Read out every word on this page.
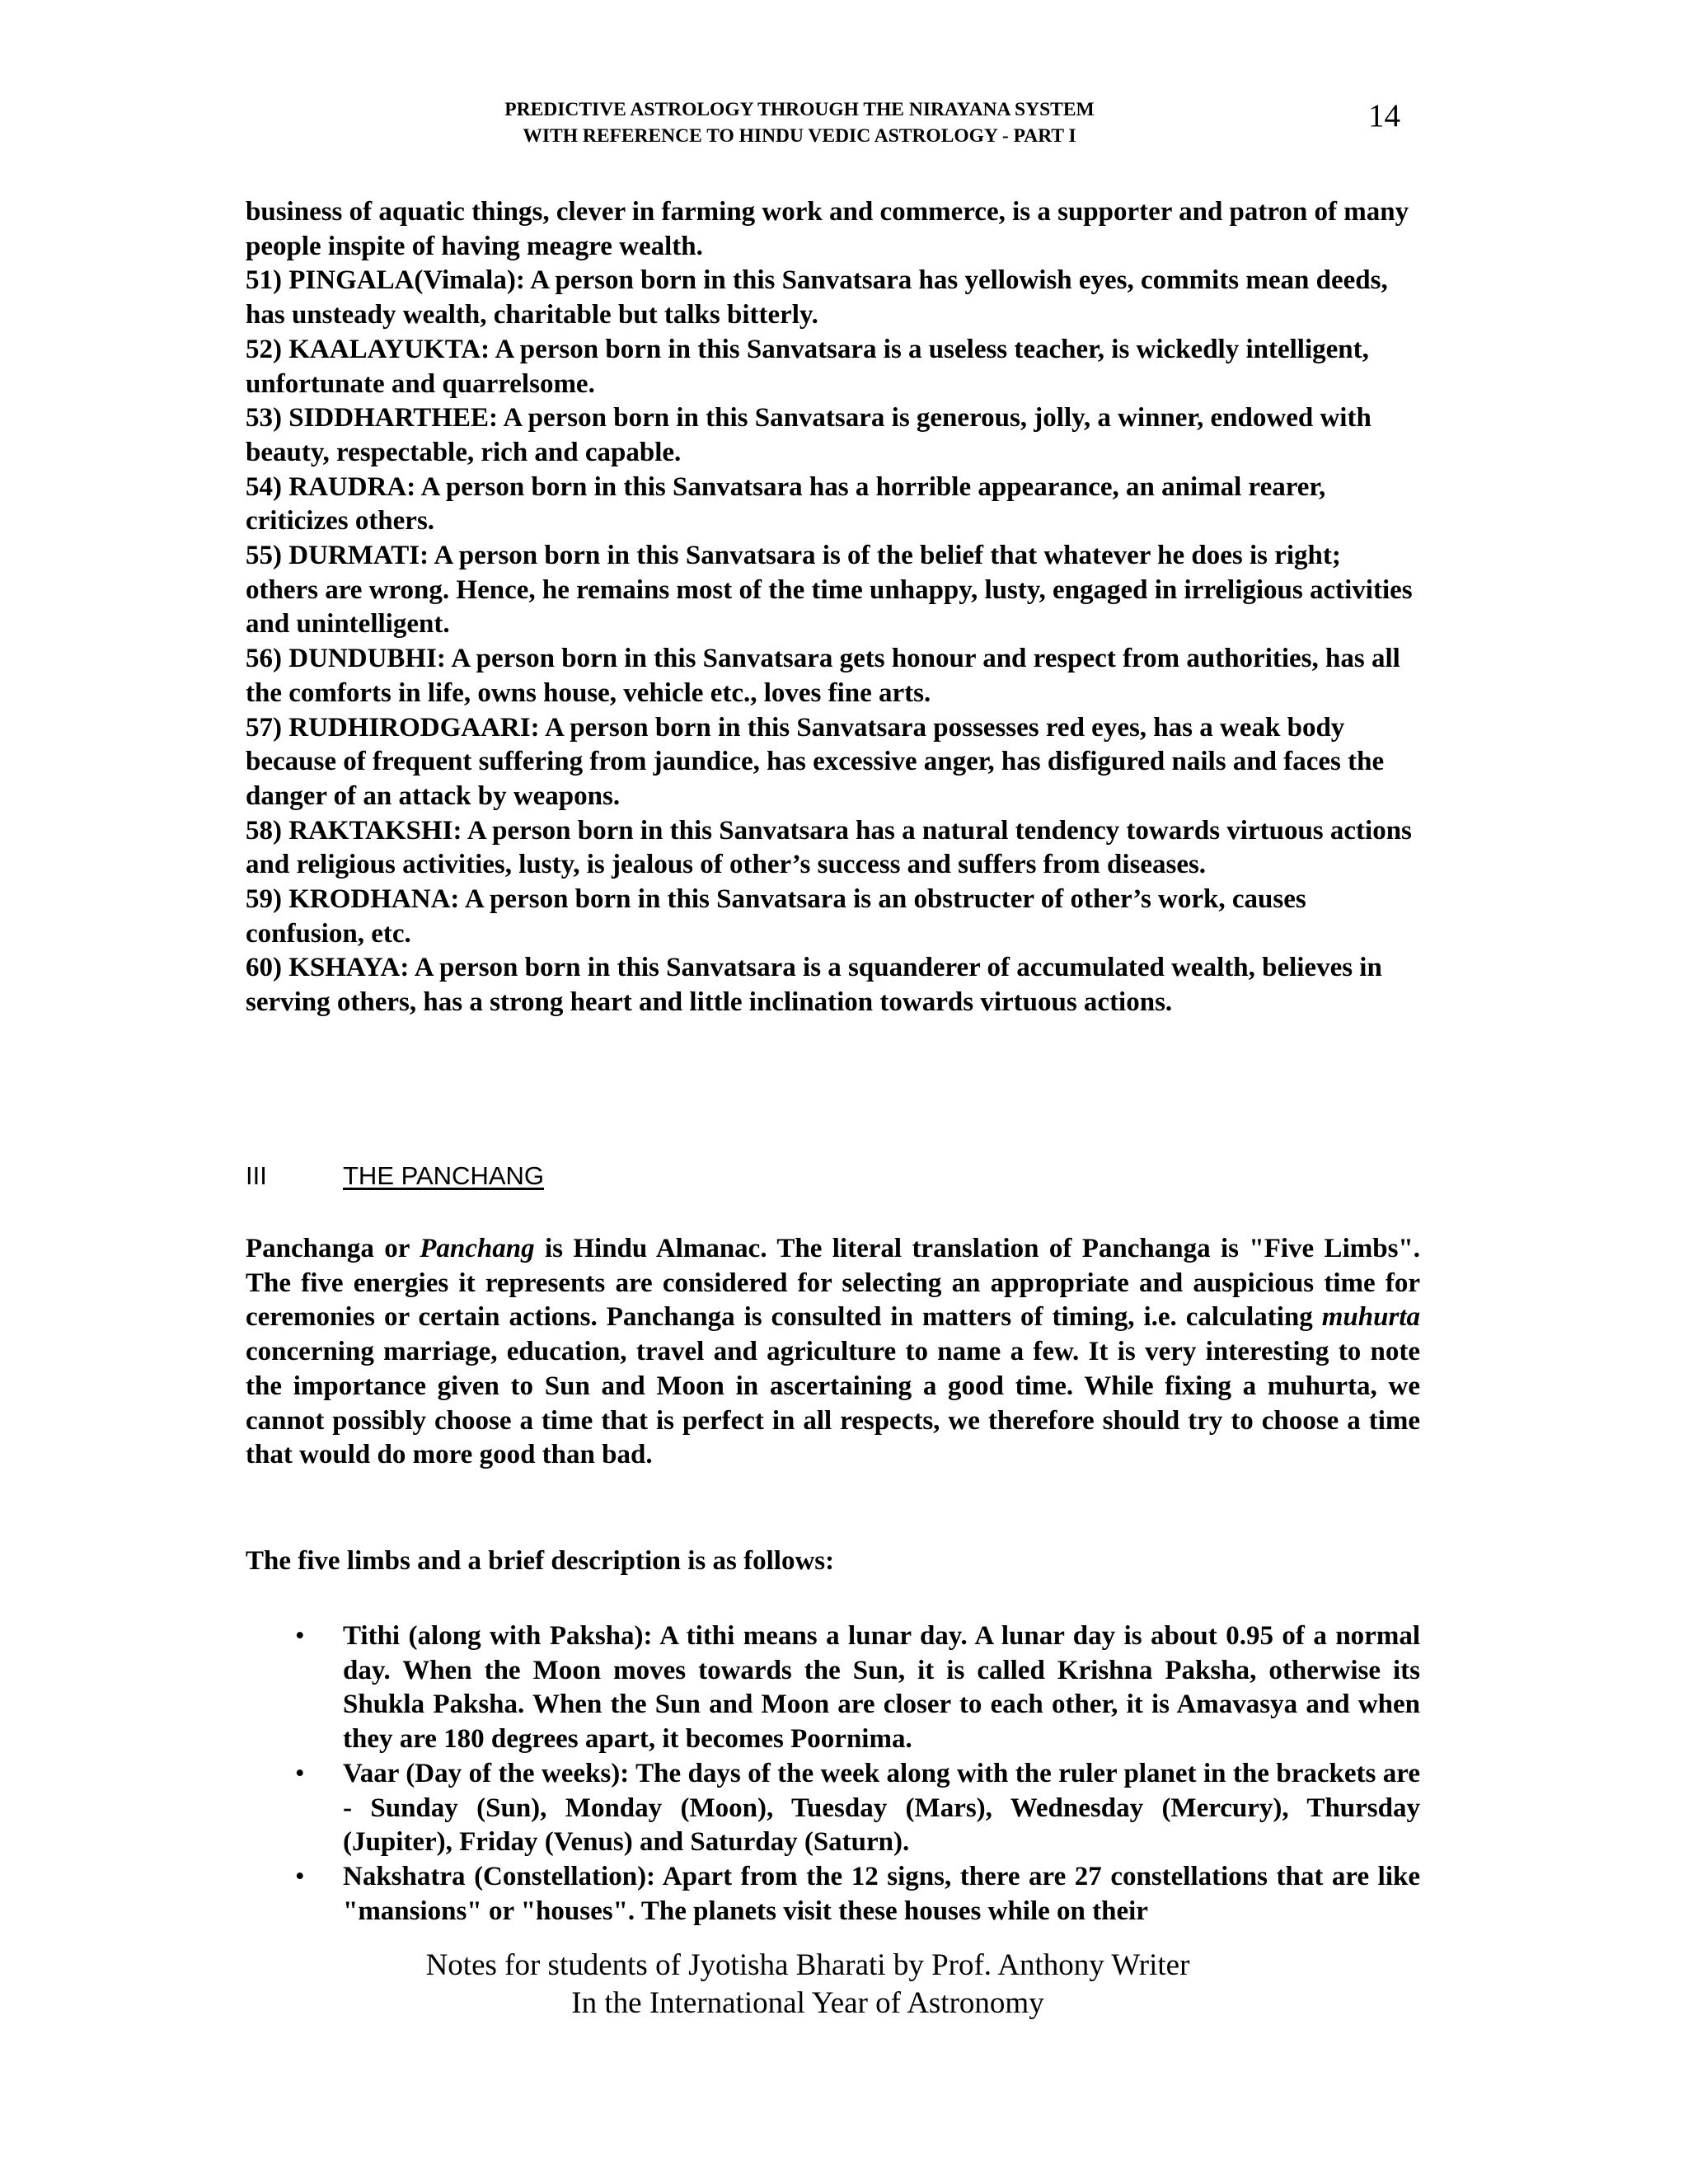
PREDICTIVE ASTROLOGY THROUGH THE NIRAYANA SYSTEM
WITH REFERENCE TO HINDU VEDIC ASTROLOGY - PART I
14

business of aquatic things, clever in farming work and commerce, is a supporter and patron of many people inspite of having meagre wealth.

51) PINGALA(Vimala): A person born in this Sanvatsara has yellowish eyes, commits mean deeds, has unsteady wealth, charitable but talks bitterly.

52) KAALAYUKTA: A person born in this Sanvatsara is a useless teacher, is wickedly intelligent, unfortunate and quarrelsome.

53) SIDDHARTHEE: A person born in this Sanvatsara is generous, jolly, a winner, endowed with beauty, respectable, rich and capable.

54) RAUDRA: A person born in this Sanvatsara has a horrible appearance, an animal rearer, criticizes others.

55) DURMATI: A person born in this Sanvatsara is of the belief that whatever he does is right; others are wrong. Hence, he remains most of the time unhappy, lusty, engaged in irreligious activities and unintelligent.

56) DUNDUBHI: A person born in this Sanvatsara gets honour and respect from authorities, has all the comforts in life, owns house, vehicle etc., loves fine arts.

57) RUDHIRODGAARI: A person born in this Sanvatsara possesses red eyes, has a weak body because of frequent suffering from jaundice, has excessive anger, has disfigured nails and faces the danger of an attack by weapons.

58) RAKTAKSHI: A person born in this Sanvatsara has a natural tendency towards virtuous actions and religious activities, lusty, is jealous of other’s success and suffers from diseases.

59) KRODHANA: A person born in this Sanvatsara is an obstructer of other’s work, causes confusion, etc.

60) KSHAYA: A person born in this Sanvatsara is a squanderer of accumulated wealth, believes in serving others, has a strong heart and little inclination towards virtuous actions.

III	THE PANCHANG

Panchanga or Panchang is Hindu Almanac. The literal translation of Panchanga is "Five Limbs". The five energies it represents are considered for selecting an appropriate and auspicious time for ceremonies or certain actions. Panchanga is consulted in matters of timing, i.e. calculating muhurta concerning marriage, education, travel and agriculture to name a few. It is very interesting to note the importance given to Sun and Moon in ascertaining a good time. While fixing a muhurta, we cannot possibly choose a time that is perfect in all respects, we therefore should try to choose a time that would do more good than bad.

The five limbs and a brief description is as follows:

• Tithi (along with Paksha): A tithi means a lunar day. A lunar day is about 0.95 of a normal day. When the Moon moves towards the Sun, it is called Krishna Paksha, otherwise its Shukla Paksha. When the Sun and Moon are closer to each other, it is Amavasya and when they are 180 degrees apart, it becomes Poornima.
• Vaar (Day of the weeks): The days of the week along with the ruler planet in the brackets are - Sunday (Sun), Monday (Moon), Tuesday (Mars), Wednesday (Mercury), Thursday (Jupiter), Friday (Venus) and Saturday (Saturn).
• Nakshatra (Constellation): Apart from the 12 signs, there are 27 constellations that are like "mansions" or "houses". The planets visit these houses while on their
Notes for students of Jyotisha Bharati by Prof. Anthony Writer
In the International Year of Astronomy
